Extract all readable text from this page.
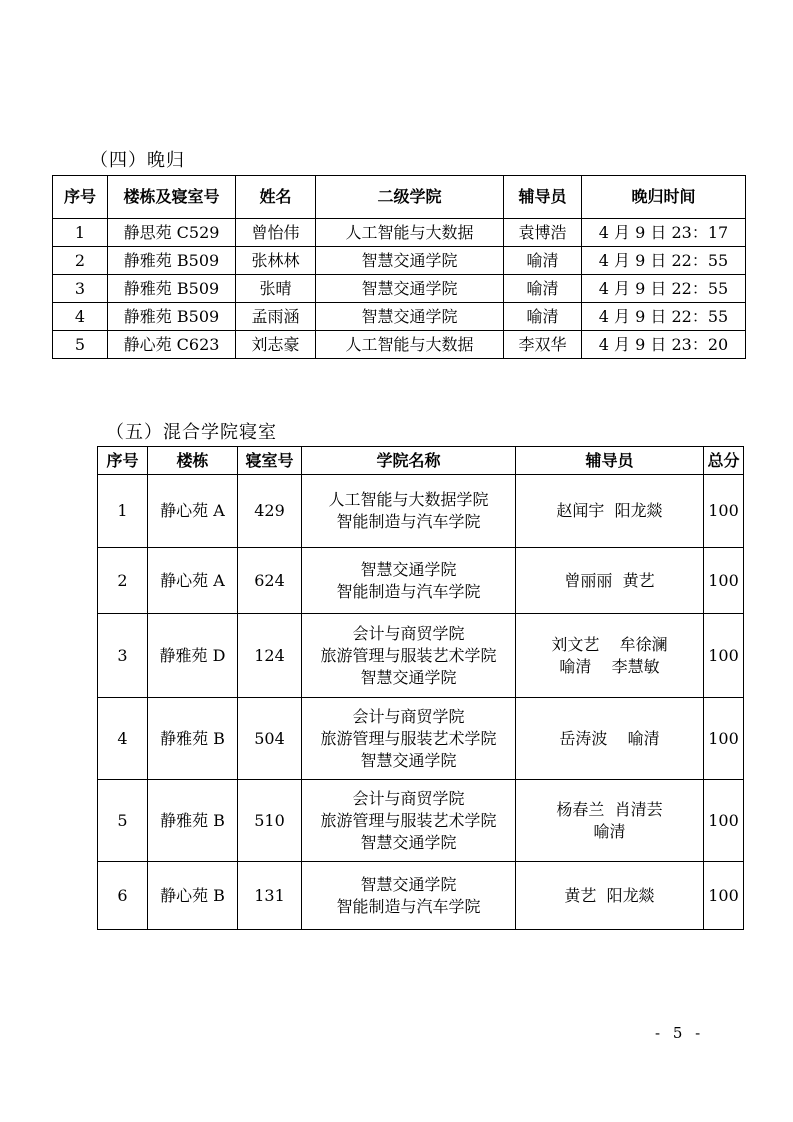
（四）晚归
序号	楼栋及寝室号	姓名	二级学院	辅导员	晚归时间
1	静思苑 C529	曾怡伟	人工智能与大数据	袁博浩	4 月 9 日 23：17
2	静雅苑 B509	张林林	智慧交通学院	喻清	4 月 9 日 22：55
3	静雅苑 B509	张晴	智慧交通学院	喻清	4 月 9 日 22：55
4	静雅苑 B509	孟雨涵	智慧交通学院	喻清	4 月 9 日 22：55
5	静心苑 C623	刘志豪	人工智能与大数据	李双华	4 月 9 日 23：20
（五）混合学院寝室
序号	楼栋	寝室号	学院名称	辅导员	总分
1	静心苑 A	429	人工智能与大数据学院
智能制造与汽车学院	赵闻宇  阳龙燚	100
2	静心苑 A	624	智慧交通学院
智能制造与汽车学院	曾丽丽  黄艺	100
3	静雅苑 D	124	会计与商贸学院
旅游管理与服装艺术学院
智慧交通学院	刘文艺    牟徐澜
喻清    李慧敏	100
4	静雅苑 B	504	会计与商贸学院
旅游管理与服装艺术学院
智慧交通学院	岳涛波    喻清	100
5	静雅苑 B	510	会计与商贸学院
旅游管理与服装艺术学院
智慧交通学院	杨春兰  肖清芸
喻清	100
6	静心苑 B	131	智慧交通学院
智能制造与汽车学院	黄艺  阳龙燚	100
- 5 -
